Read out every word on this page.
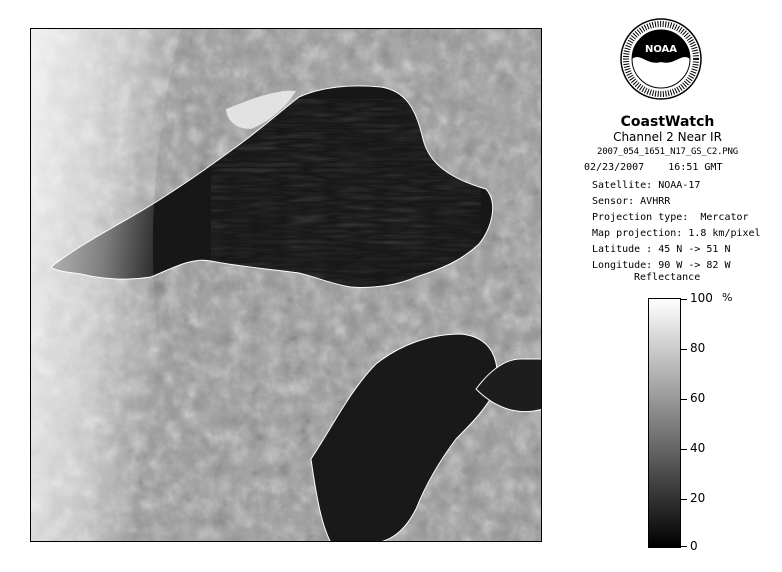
NOAA
CoastWatch
Channel 2 Near IR
2007_054_1651_N17_GS_C2.PNG
02/23/2007    16:51 GMT
Satellite: NOAA-17
Sensor: AVHRR
Projection type:  Mercator
Map projection: 1.8 km/pixel
Latitude : 45 N -> 51 N
Longitude: 90 W -> 82 W
Reflectance
%
100
80
60
40
20
0
